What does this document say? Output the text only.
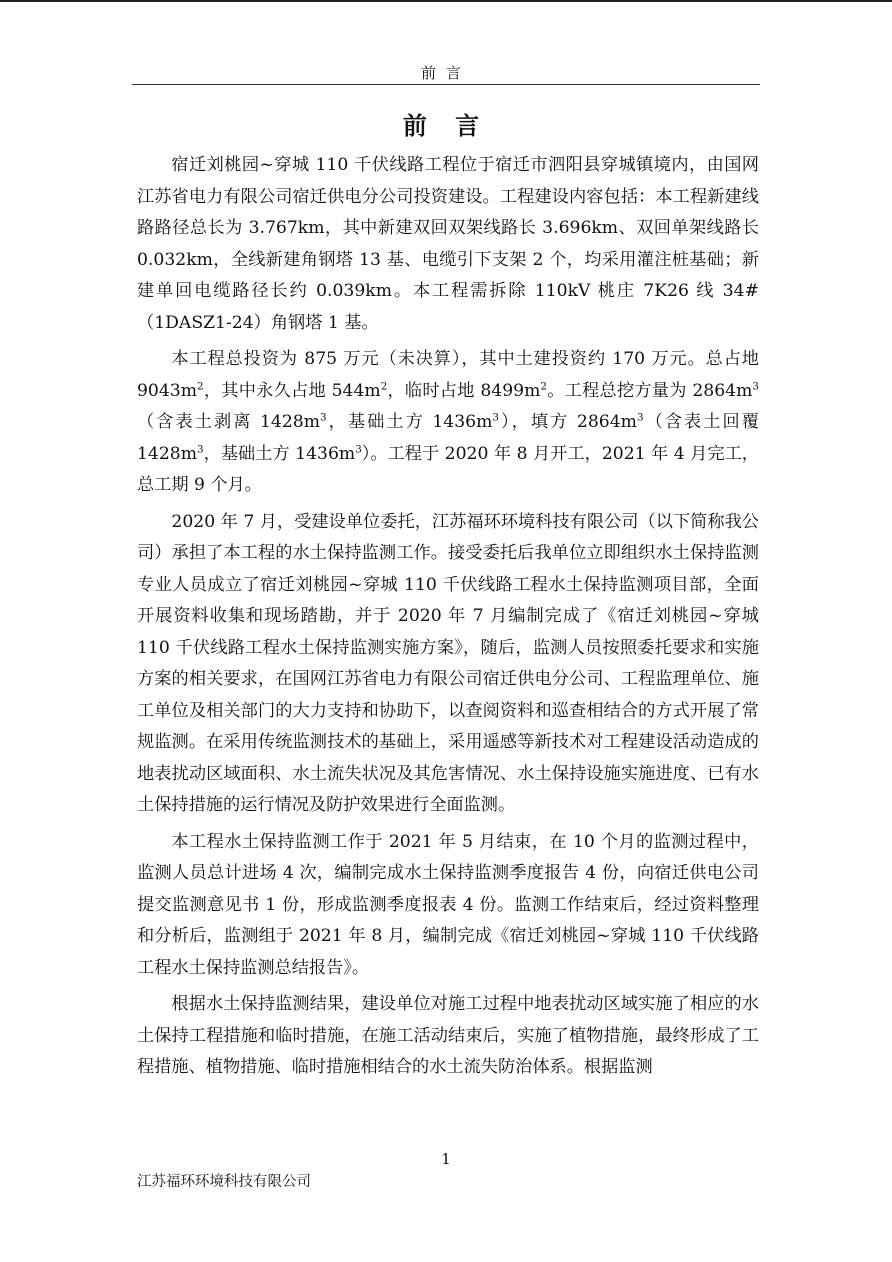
前言
前 言

宿迁刘桃园~穿城 110 千伏线路工程位于宿迁市泗阳县穿城镇境内，由国网江苏省电力有限公司宿迁供电分公司投资建设。工程建设内容包括：本工程新建线路路径总长为 3.767km，其中新建双回双架线路长 3.696km、双回单架线路长 0.032km，全线新建角钢塔 13 基、电缆引下支架 2 个，均采用灌注桩基础；新建单回电缆路径长约 0.039km。本工程需拆除 110kV 桃庄 7K26 线 34#（1DASZ1-24）角钢塔 1 基。

本工程总投资为 875 万元（未决算），其中土建投资约 170 万元。总占地 $9043m^2$，其中永久占地 $544m^2$，临时占地 $8499m^2$。工程总挖方量为 $2864m^3$（含表土剥离 $1428m^3$，基础土方 $1436m^3$），填方 $2864m^3$（含表土回覆 $1428m^3$，基础土方 $1436m^3$）。工程于 2020 年 8 月开工，2021 年 4 月完工，总工期 9 个月。

2020 年 7 月，受建设单位委托，江苏福环环境科技有限公司（以下简称我公司）承担了本工程的水土保持监测工作。接受委托后我单位立即组织水土保持监测专业人员成立了宿迁刘桃园~穿城 110 千伏线路工程水土保持监测项目部，全面开展资料收集和现场踏勘，并于 2020 年 7 月编制完成了《宿迁刘桃园~穿城 110 千伏线路工程水土保持监测实施方案》，随后，监测人员按照委托要求和实施方案的相关要求，在国网江苏省电力有限公司宿迁供电分公司、工程监理单位、施工单位及相关部门的大力支持和协助下，以查阅资料和巡查相结合的方式开展了常规监测。在采用传统监测技术的基础上，采用遥感等新技术对工程建设活动造成的地表扰动区域面积、水土流失状况及其危害情况、水土保持设施实施进度、已有水土保持措施的运行情况及防护效果进行全面监测。

本工程水土保持监测工作于 2021 年 5 月结束，在 10 个月的监测过程中，监测人员总计进场 4 次，编制完成水土保持监测季度报告 4 份，向宿迁供电公司提交监测意见书 1 份，形成监测季度报表 4 份。监测工作结束后，经过资料整理和分析后，监测组于 2021 年 8 月，编制完成《宿迁刘桃园~穿城 110 千伏线路工程水土保持监测总结报告》。

根据水土保持监测结果，建设单位对施工过程中地表扰动区域实施了相应的水土保持工程措施和临时措施，在施工活动结束后，实施了植物措施，最终形成了工程措施、植物措施、临时措施相结合的水土流失防治体系。根据监测

1
江苏福环环境科技有限公司
